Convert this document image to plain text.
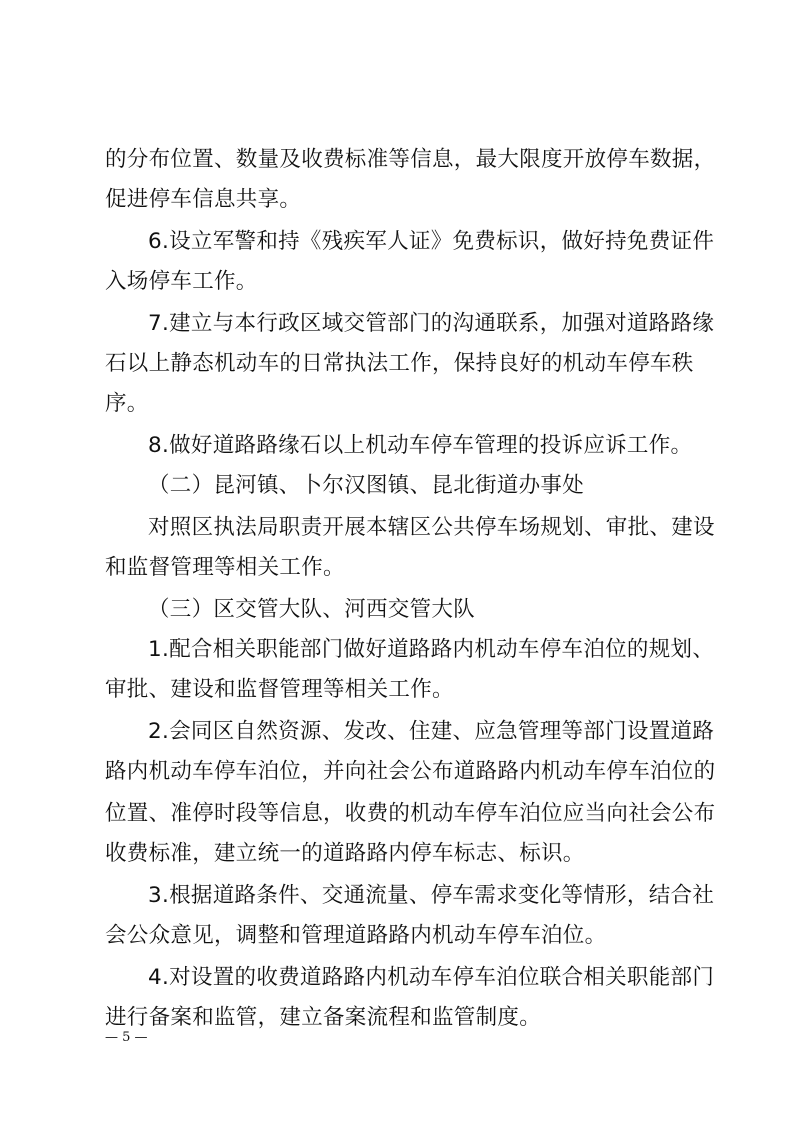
的分布位置、数量及收费标准等信息，最大限度开放停车数据，
促进停车信息共享。
6.设立军警和持《残疾军人证》免费标识，做好持免费证件
入场停车工作。
7.建立与本行政区域交管部门的沟通联系，加强对道路路缘
石以上静态机动车的日常执法工作，保持良好的机动车停车秩
序。
8.做好道路路缘石以上机动车停车管理的投诉应诉工作。
（二）昆河镇、卜尔汉图镇、昆北街道办事处
对照区执法局职责开展本辖区公共停车场规划、审批、建设
和监督管理等相关工作。
（三）区交管大队、河西交管大队
1.配合相关职能部门做好道路路内机动车停车泊位的规划、
审批、建设和监督管理等相关工作。
2.会同区自然资源、发改、住建、应急管理等部门设置道路
路内机动车停车泊位，并向社会公布道路路内机动车停车泊位的
位置、准停时段等信息，收费的机动车停车泊位应当向社会公布
收费标准，建立统一的道路路内停车标志、标识。
3.根据道路条件、交通流量、停车需求变化等情形，结合社
会公众意见，调整和管理道路路内机动车停车泊位。
4.对设置的收费道路路内机动车停车泊位联合相关职能部门
进行备案和监管，建立备案流程和监管制度。
— 5 —
